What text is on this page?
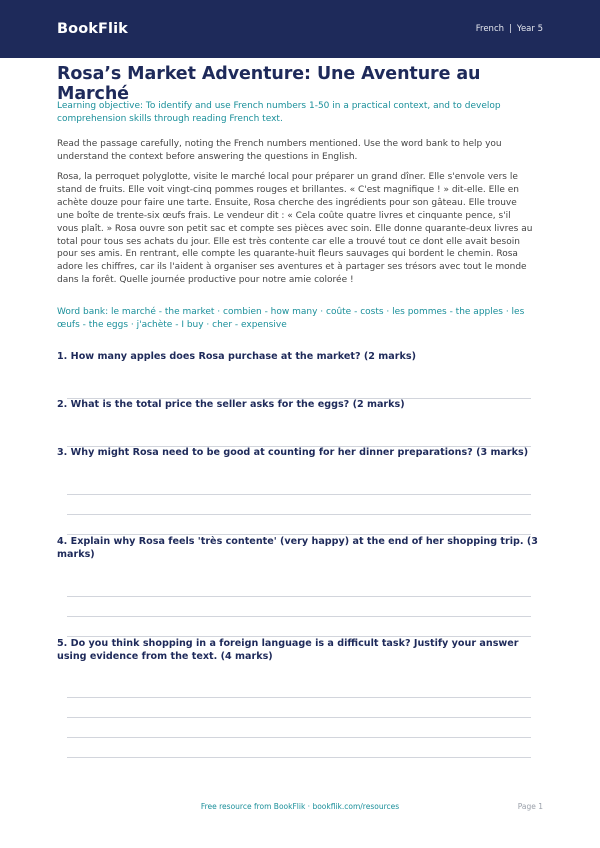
BookFlik	French | Year 5
Rosa’s Market Adventure: Une Aventure au Marché

Learning objective: To identify and use French numbers 1-50 in a practical context, and to develop comprehension skills through reading French text.

Read the passage carefully, noting the French numbers mentioned. Use the word bank to help you understand the context before answering the questions in English.

Rosa, la perroquet polyglotte, visite le marché local pour préparer un grand dîner. Elle s'envole vers le stand de fruits. Elle voit vingt-cinq pommes rouges et brillantes. « C'est magnifique ! » dit-elle. Elle en achète douze pour faire une tarte. Ensuite, Rosa cherche des ingrédients pour son gâteau. Elle trouve une boîte de trente-six œufs frais. Le vendeur dit : « Cela coûte quatre livres et cinquante pence, s'il vous plaît. » Rosa ouvre son petit sac et compte ses pièces avec soin. Elle donne quarante-deux livres au total pour tous ses achats du jour. Elle est très contente car elle a trouvé tout ce dont elle avait besoin pour ses amis. En rentrant, elle compte les quarante-huit fleurs sauvages qui bordent le chemin. Rosa adore les chiffres, car ils l'aident à organiser ses aventures et à partager ses trésors avec tout le monde dans la forêt. Quelle journée productive pour notre amie colorée !

Word bank: le marché - the market · combien - how many · coûte - costs · les pommes - the apples · les œufs - the eggs · j'achète - I buy · cher - expensive

1. How many apples does Rosa purchase at the market? (2 marks)
2. What is the total price the seller asks for the eggs? (2 marks)
3. Why might Rosa need to be good at counting for her dinner preparations? (3 marks)
4. Explain why Rosa feels 'très contente' (very happy) at the end of her shopping trip. (3 marks)
5. Do you think shopping in a foreign language is a difficult task? Justify your answer using evidence from the text. (4 marks)
Free resource from BookFlik · bookflik.com/resources	Page 1
